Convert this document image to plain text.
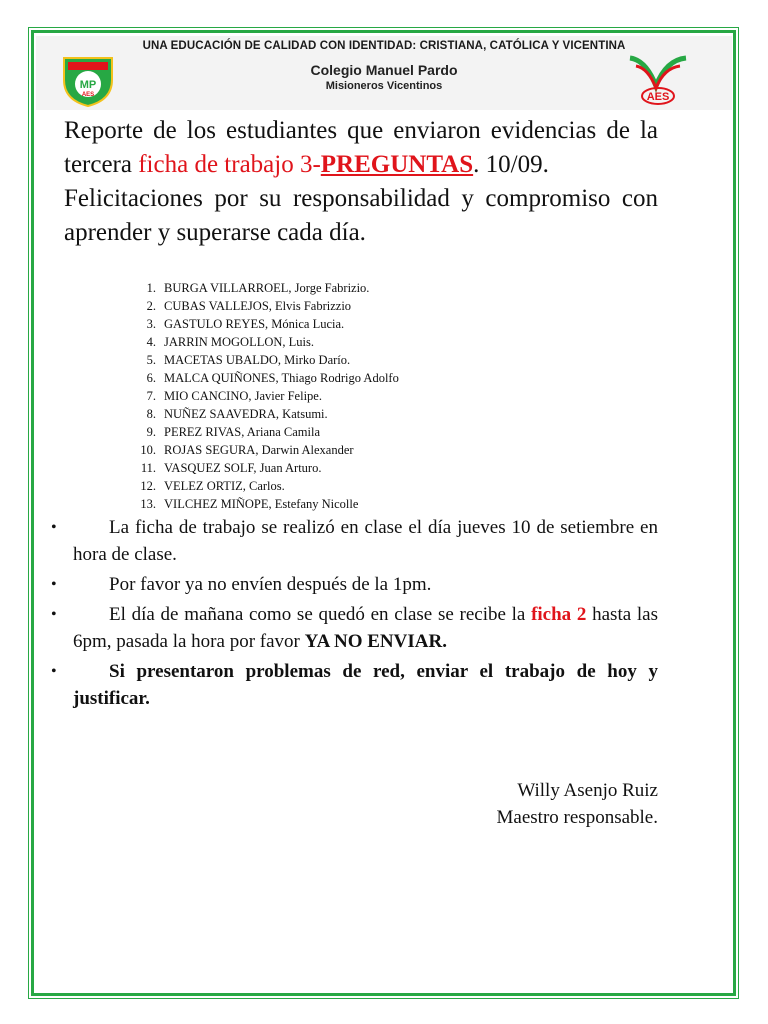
UNA EDUCACIÓN DE CALIDAD CON IDENTIDAD: CRISTIANA, CATÓLICA Y VICENTINA
MP
AES
Colegio Manuel Pardo
Misioneros Vicentinos
AES
Reporte de los estudiantes que enviaron evidencias de la tercera ficha de trabajo 3-PREGUNTAS. 10/09.
Felicitaciones por su responsabilidad y compromiso con aprender y superarse cada día.
1. BURGA VILLARROEL, Jorge Fabrizio.
2. CUBAS VALLEJOS, Elvis Fabrizzio
3. GASTULO REYES, Mónica Lucia.
4. JARRIN MOGOLLON, Luis.
5. MACETAS UBALDO, Mirko Darío.
6. MALCA QUIÑONES, Thiago Rodrigo Adolfo
7. MIO CANCINO, Javier Felipe.
8. NUÑEZ SAAVEDRA, Katsumi.
9. PEREZ RIVAS, Ariana Camila
10. ROJAS SEGURA, Darwin Alexander
11. VASQUEZ SOLF, Juan Arturo.
12. VELEZ ORTIZ, Carlos.
13. VILCHEZ MIÑOPE, Estefany Nicolle
•	La ficha de trabajo se realizó en clase el día jueves 10 de setiembre en hora de clase.
•	Por favor ya no envíen después de la 1pm.
•	El día de mañana como se quedó en clase se recibe la ficha 2 hasta las 6pm, pasada la hora por favor YA NO ENVIAR.
•	Si presentaron problemas de red, enviar el trabajo de hoy y justificar.
Willy Asenjo Ruiz
Maestro responsable.
